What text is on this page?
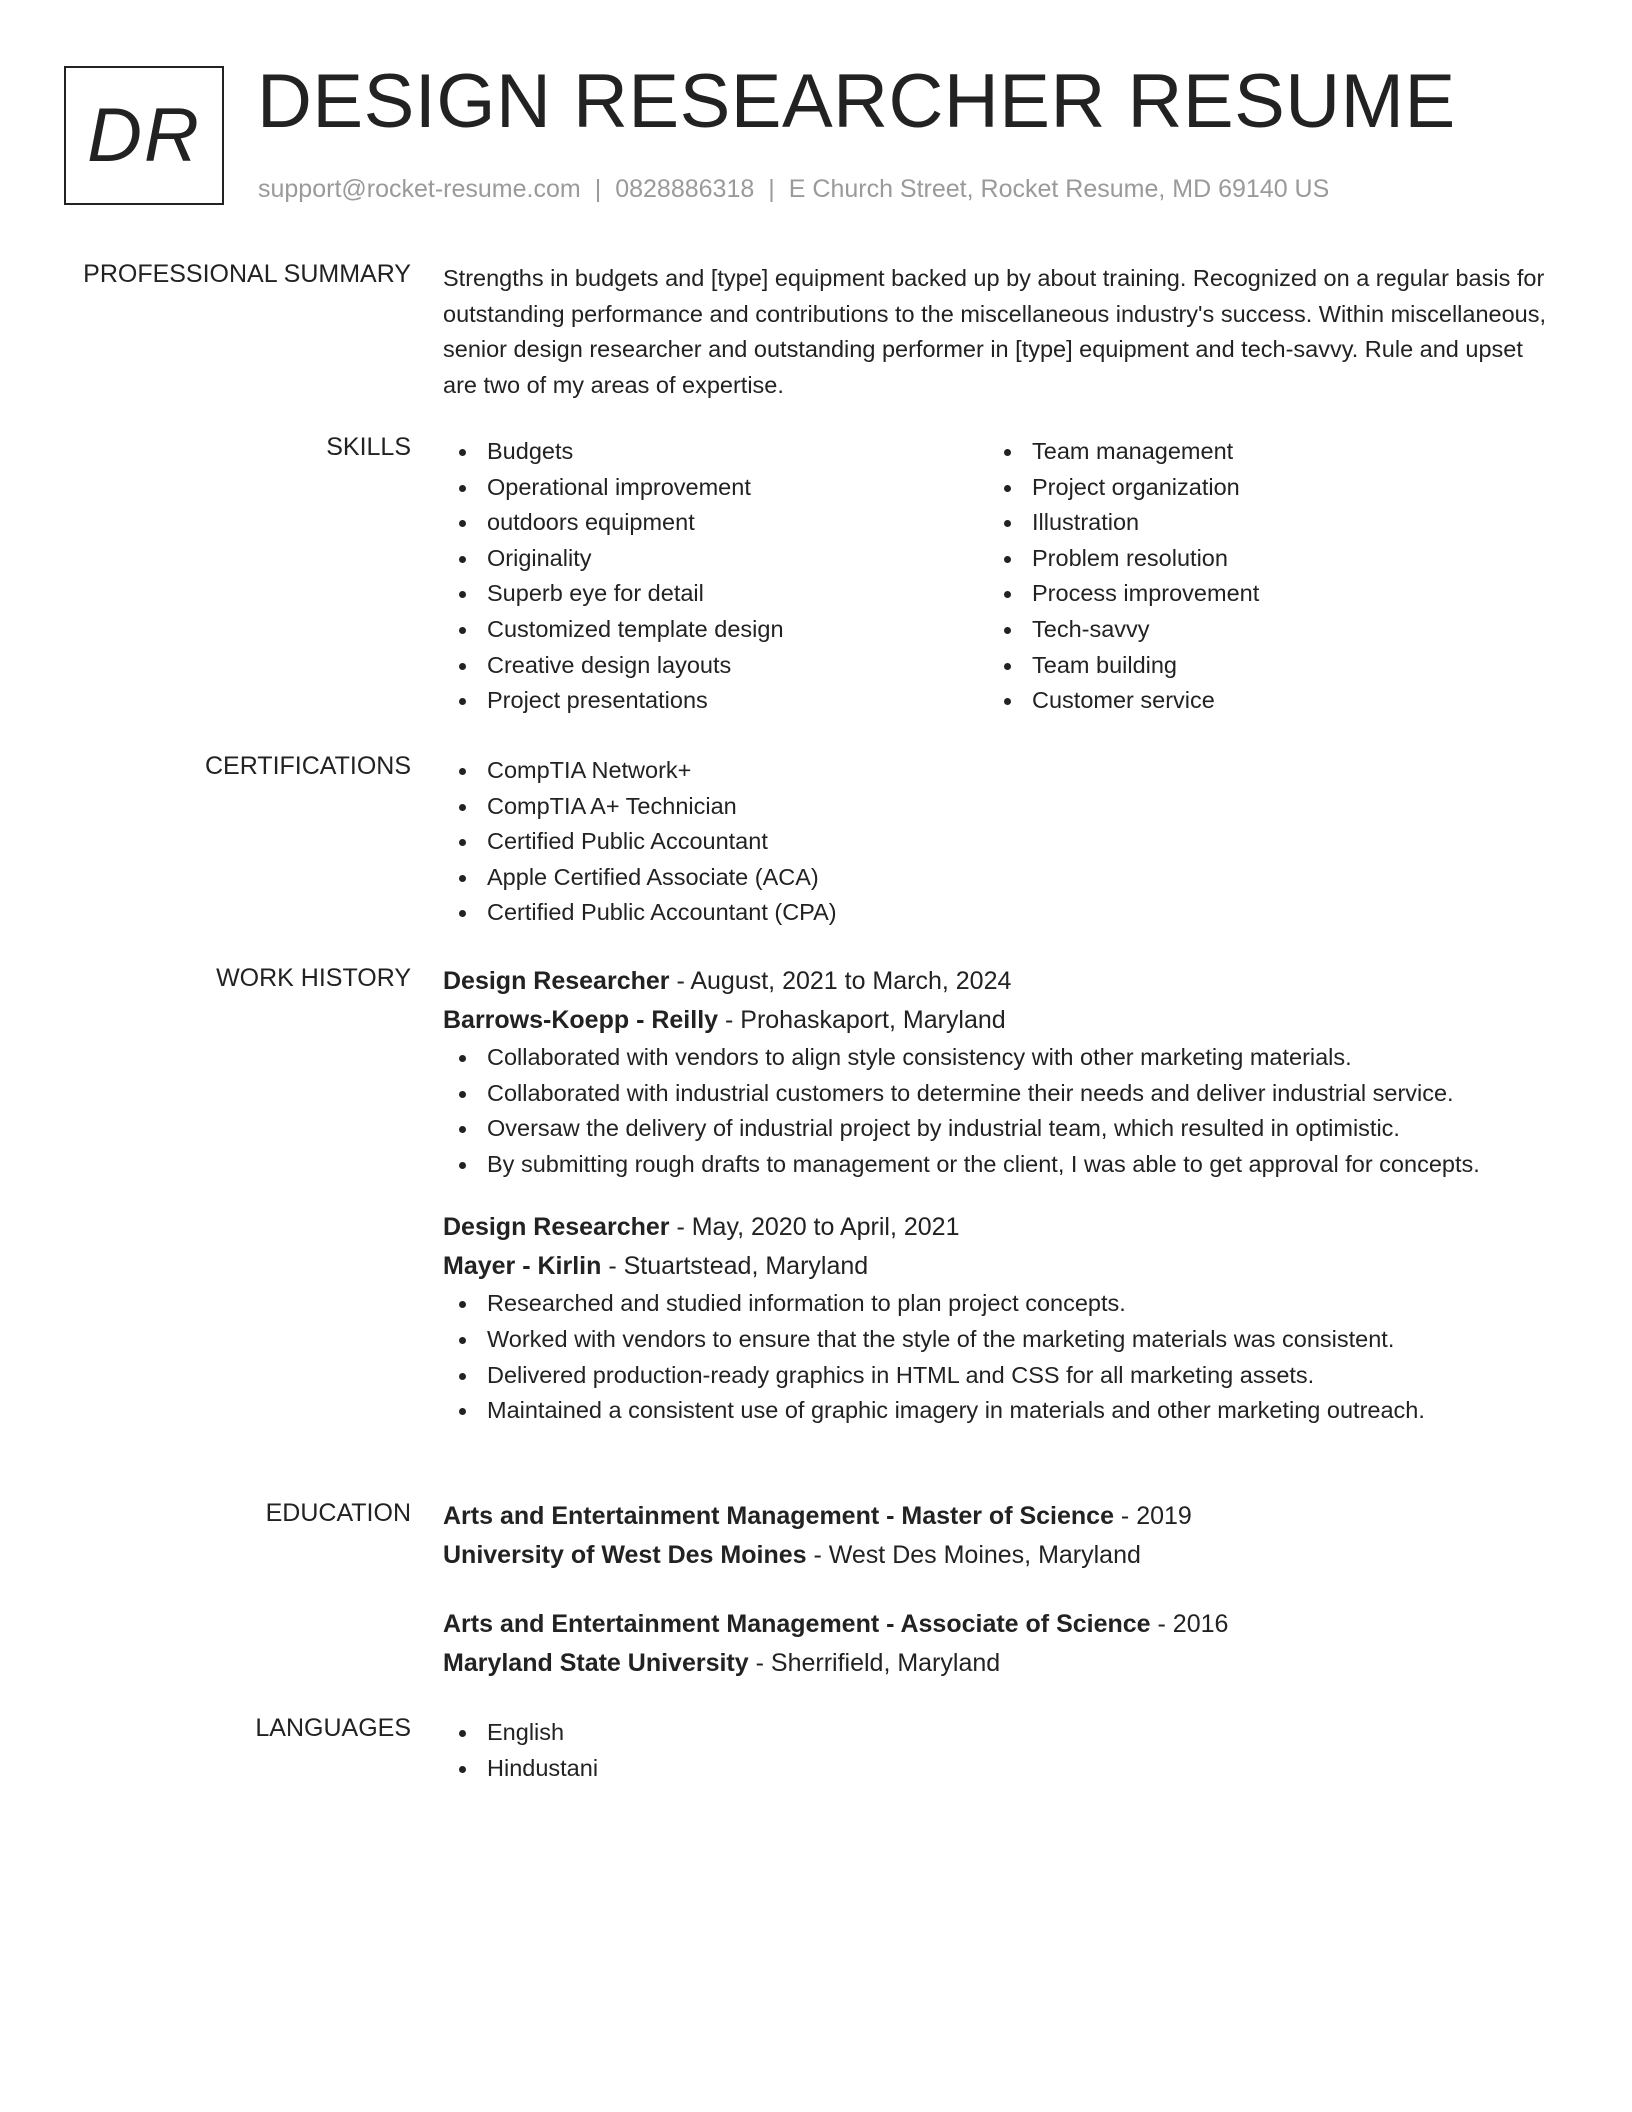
DR DESIGN RESEARCHER RESUME
support@rocket-resume.com | 0828886318 | E Church Street, Rocket Resume, MD 69140 US
PROFESSIONAL SUMMARY Strengths in budgets and [type] equipment backed up by about training. Recognized on a regular basis for outstanding performance and contributions to the miscellaneous industry's success. Within miscellaneous, senior design researcher and outstanding performer in [type] equipment and tech-savvy. Rule and upset are two of my areas of expertise.
SKILLS	Budgets
Operational improvement
outdoors equipment
Originality
Superb eye for detail
Customized template design
Creative design layouts
Project presentations
Team management
Project organization
Illustration
Problem resolution
Process improvement
Tech-savvy
Team building
Customer service
CERTIFICATIONS	CompTIA Network+
CompTIA A+ Technician
Certified Public Accountant
Apple Certified Associate (ACA)
Certified Public Accountant (CPA)
WORK HISTORY Design Researcher - August, 2021 to March, 2024
Barrows-Koepp - Reilly - Prohaskaport, Maryland
Collaborated with vendors to align style consistency with other marketing materials.
Collaborated with industrial customers to determine their needs and deliver industrial service.
Oversaw the delivery of industrial project by industrial team, which resulted in optimistic.
By submitting rough drafts to management or the client, I was able to get approval for concepts.
Design Researcher - May, 2020 to April, 2021
Mayer - Kirlin - Stuartstead, Maryland
Researched and studied information to plan project concepts.
Worked with vendors to ensure that the style of the marketing materials was consistent.
Delivered production-ready graphics in HTML and CSS for all marketing assets.
Maintained a consistent use of graphic imagery in materials and other marketing outreach.
EDUCATION Arts and Entertainment Management - Master of Science - 2019
University of West Des Moines - West Des Moines, Maryland
Arts and Entertainment Management - Associate of Science - 2016
Maryland State University - Sherrifield, Maryland
LANGUAGES	English
Hindustani
